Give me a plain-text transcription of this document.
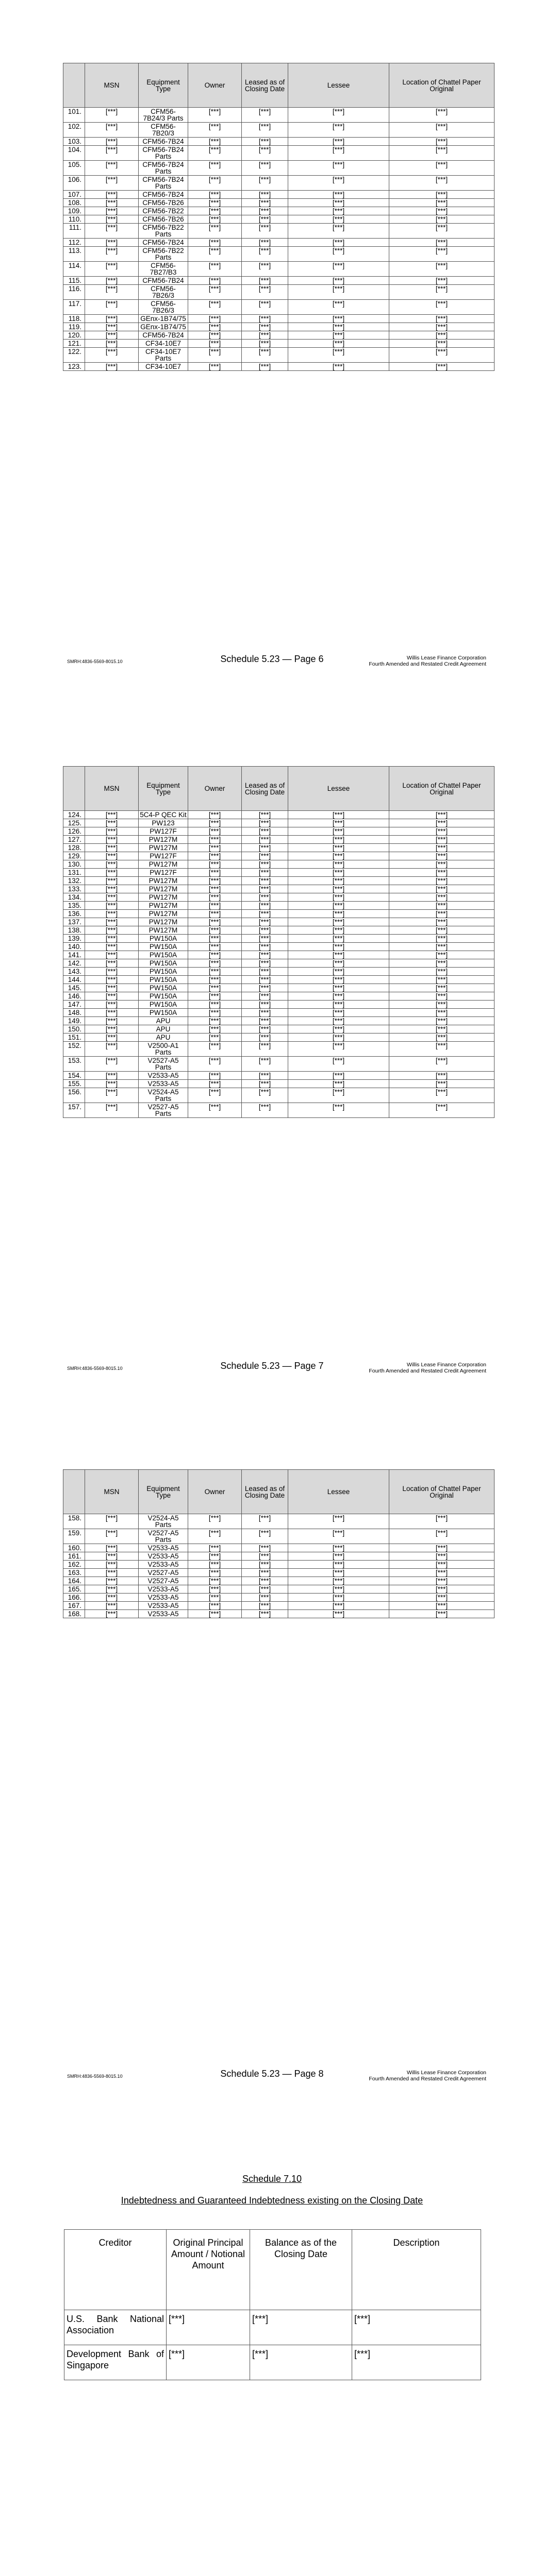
	MSN	Equipment Type	Owner	Leased as of Closing Date	Lessee	Location of Chattel Paper Original
101.	[***]	CFM56-7B24/3 Parts	[***]	[***]	[***]	[***]
102.	[***]	CFM56-7B20/3	[***]	[***]	[***]	[***]
103.	[***]	CFM56-7B24	[***]	[***]	[***]	[***]
104.	[***]	CFM56-7B24 Parts	[***]	[***]	[***]	[***]
105.	[***]	CFM56-7B24 Parts	[***]	[***]	[***]	[***]
106.	[***]	CFM56-7B24 Parts	[***]	[***]	[***]	[***]
107.	[***]	CFM56-7B24	[***]	[***]	[***]	[***]
108.	[***]	CFM56-7B26	[***]	[***]	[***]	[***]
109.	[***]	CFM56-7B22	[***]	[***]	[***]	[***]
110.	[***]	CFM56-7B26	[***]	[***]	[***]	[***]
111.	[***]	CFM56-7B22 Parts	[***]	[***]	[***]	[***]
112.	[***]	CFM56-7B24	[***]	[***]	[***]	[***]
113.	[***]	CFM56-7B22 Parts	[***]	[***]	[***]	[***]
114.	[***]	CFM56-7B27/B3	[***]	[***]	[***]	[***]
115.	[***]	CFM56-7B24	[***]	[***]	[***]	[***]
116.	[***]	CFM56-7B26/3	[***]	[***]	[***]	[***]
117.	[***]	CFM56-7B26/3	[***]	[***]	[***]	[***]
118.	[***]	GEnx-1B74/75	[***]	[***]	[***]	[***]
119.	[***]	GEnx-1B74/75	[***]	[***]	[***]	[***]
120.	[***]	CFM56-7B24	[***]	[***]	[***]	[***]
121.	[***]	CF34-10E7	[***]	[***]	[***]	[***]
122.	[***]	CF34-10E7 Parts	[***]	[***]	[***]	[***]
123.	[***]	CF34-10E7	[***]	[***]	[***]	[***]
SMRH:4836-5569-8015.10	Schedule 5.23 — Page 6	Willis Lease Finance Corporation
Fourth Amended and Restated Credit Agreement
	MSN	Equipment Type	Owner	Leased as of Closing Date	Lessee	Location of Chattel Paper Original
124.	[***]	5C4-P QEC Kit	[***]	[***]	[***]	[***]
125.	[***]	PW123	[***]	[***]	[***]	[***]
126.	[***]	PW127F	[***]	[***]	[***]	[***]
127.	[***]	PW127M	[***]	[***]	[***]	[***]
128.	[***]	PW127M	[***]	[***]	[***]	[***]
129.	[***]	PW127F	[***]	[***]	[***]	[***]
130.	[***]	PW127M	[***]	[***]	[***]	[***]
131.	[***]	PW127F	[***]	[***]	[***]	[***]
132.	[***]	PW127M	[***]	[***]	[***]	[***]
133.	[***]	PW127M	[***]	[***]	[***]	[***]
134.	[***]	PW127M	[***]	[***]	[***]	[***]
135.	[***]	PW127M	[***]	[***]	[***]	[***]
136.	[***]	PW127M	[***]	[***]	[***]	[***]
137.	[***]	PW127M	[***]	[***]	[***]	[***]
138.	[***]	PW127M	[***]	[***]	[***]	[***]
139.	[***]	PW150A	[***]	[***]	[***]	[***]
140.	[***]	PW150A	[***]	[***]	[***]	[***]
141.	[***]	PW150A	[***]	[***]	[***]	[***]
142.	[***]	PW150A	[***]	[***]	[***]	[***]
143.	[***]	PW150A	[***]	[***]	[***]	[***]
144.	[***]	PW150A	[***]	[***]	[***]	[***]
145.	[***]	PW150A	[***]	[***]	[***]	[***]
146.	[***]	PW150A	[***]	[***]	[***]	[***]
147.	[***]	PW150A	[***]	[***]	[***]	[***]
148.	[***]	PW150A	[***]	[***]	[***]	[***]
149.	[***]	APU	[***]	[***]	[***]	[***]
150.	[***]	APU	[***]	[***]	[***]	[***]
151.	[***]	APU	[***]	[***]	[***]	[***]
152.	[***]	V2500-A1 Parts	[***]	[***]	[***]	[***]
153.	[***]	V2527-A5 Parts	[***]	[***]	[***]	[***]
154.	[***]	V2533-A5	[***]	[***]	[***]	[***]
155.	[***]	V2533-A5	[***]	[***]	[***]	[***]
156.	[***]	V2524-A5 Parts	[***]	[***]	[***]	[***]
157.	[***]	V2527-A5 Parts	[***]	[***]	[***]	[***]
SMRH:4836-5569-8015.10	Schedule 5.23 — Page 7	Willis Lease Finance Corporation
Fourth Amended and Restated Credit Agreement
	MSN	Equipment Type	Owner	Leased as of Closing Date	Lessee	Location of Chattel Paper Original
158.	[***]	V2524-A5 Parts	[***]	[***]	[***]	[***]
159.	[***]	V2527-A5 Parts	[***]	[***]	[***]	[***]
160.	[***]	V2533-A5	[***]	[***]	[***]	[***]
161.	[***]	V2533-A5	[***]	[***]	[***]	[***]
162.	[***]	V2533-A5	[***]	[***]	[***]	[***]
163.	[***]	V2527-A5	[***]	[***]	[***]	[***]
164.	[***]	V2527-A5	[***]	[***]	[***]	[***]
165.	[***]	V2533-A5	[***]	[***]	[***]	[***]
166.	[***]	V2533-A5	[***]	[***]	[***]	[***]
167.	[***]	V2533-A5	[***]	[***]	[***]	[***]
168.	[***]	V2533-A5	[***]	[***]	[***]	[***]
SMRH:4836-5569-8015.10	Schedule 5.23 — Page 8	Willis Lease Finance Corporation
Fourth Amended and Restated Credit Agreement
Schedule 7.10
Indebtedness and Guaranteed Indebtedness existing on the Closing Date
Creditor	Original Principal Amount / Notional Amount	Balance as of the Closing Date	Description
U.S. Bank National Association	[***]	[***]	[***]
Development Bank of Singapore	[***]	[***]	[***]
